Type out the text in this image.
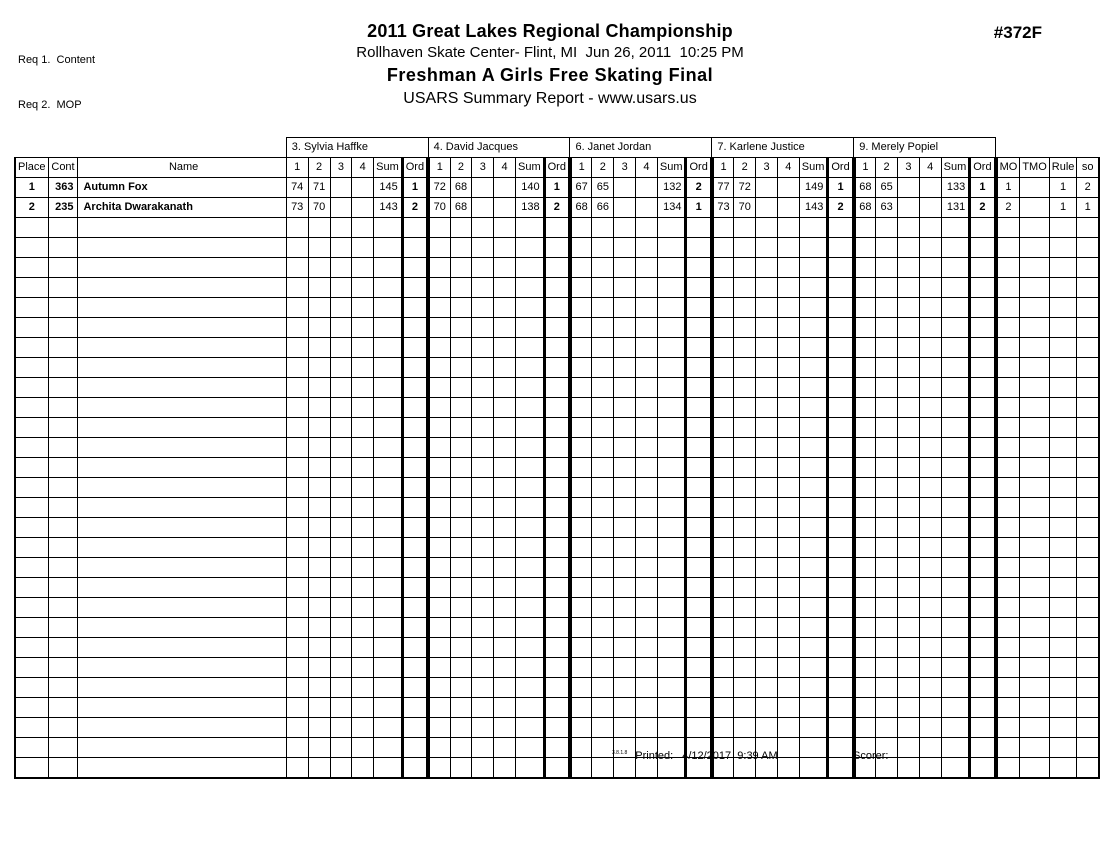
Req 1.  Content

Req 2.  MOP

2011 Great Lakes Regional Championship
Rollhaven Skate Center- Flint, MI  Jun 26, 2011  10:25 PM
Freshman A Girls Free Skating Final
USARS Summary Report - www.usars.us
#372F
			3. Sylvia Haffke						4. David Jacques						6. Janet Jordan						7. Karlene Justice						9. Merely Popiel									
Place	Cont	Name	1	2	3	4	Sum	Ord	1	2	3	4	Sum	Ord	1	2	3	4	Sum	Ord	1	2	3	4	Sum	Ord	1	2	3	4	Sum	Ord	MO	TMO	Rule	so
1	363	Autumn Fox	74	71			145	1	72	68			140	1	67	65			132	2	77	72			149	1	68	65			133	1	1		1	2
2	235	Archita Dwarakanath	73	70			143	2	70	68			138	2	68	66			134	1	73	70			143	2	68	63			131	2	2		1	1

$^{3.8.1.8}$ Printed: 4/12/2017  9:39 AM	Scorer:
